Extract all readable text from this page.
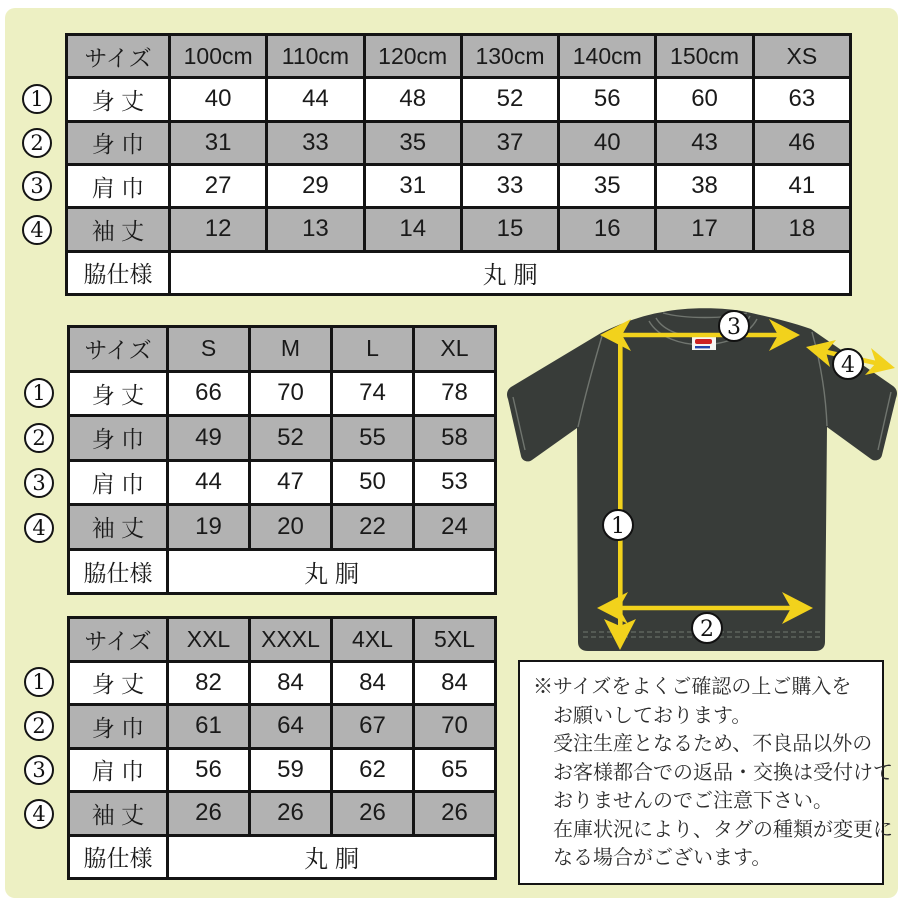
サイズ	100cm	110cm	120cm	130cm	140cm	150cm	XS
身 丈	40	44	48	52	56	60	63
身 巾	31	33	35	37	40	43	46
肩 巾	27	29	31	33	35	38	41
袖 丈	12	13	14	15	16	17	18
脇仕様	丸 胴
サイズ	S	M	L	XL
身 丈	66	70	74	78
身 巾	49	52	55	58
肩 巾	44	47	50	53
袖 丈	19	20	22	24
脇仕様	丸 胴
サイズ	XXL	XXXL	4XL	5XL
身 丈	82	84	84	84
身 巾	61	64	67	70
肩 巾	56	59	62	65
袖 丈	26	26	26	26
脇仕様	丸 胴
1
2
3
4
※サイズをよくご確認の上ご購入を
お願いしております。
受注生産となるため、不良品以外の
お客様都合での返品・交換は受付けて
おりませんのでご注意下さい。
在庫状況により、タグの種類が変更に
なる場合がございます。
1
2
3
4
1
2
3
4
1
2
3
4
